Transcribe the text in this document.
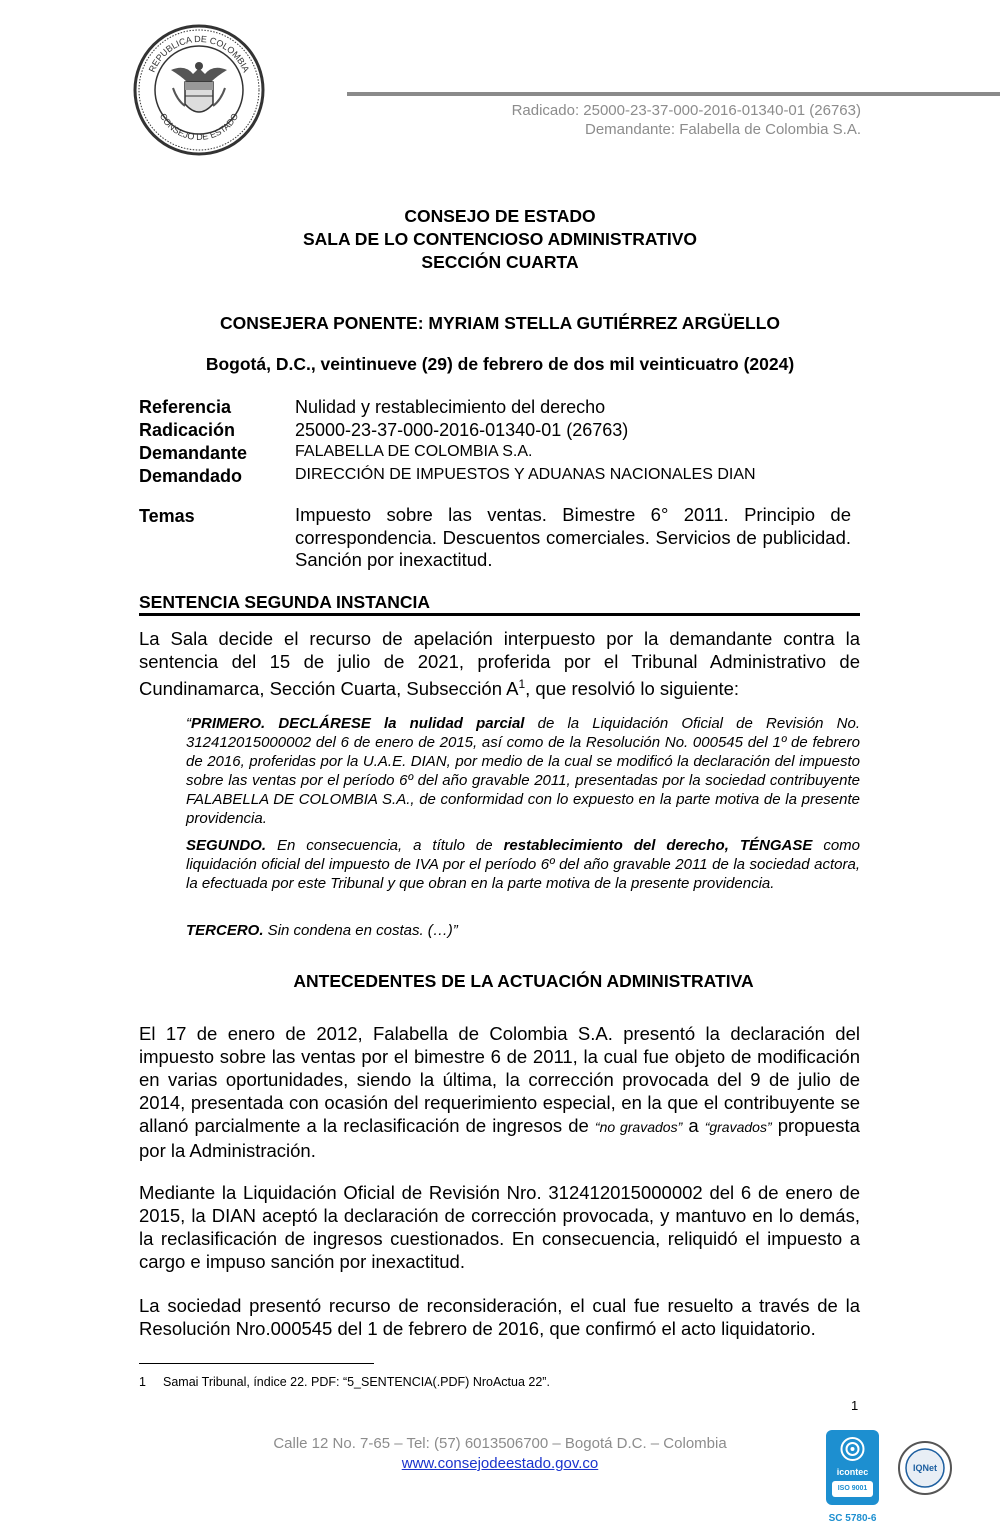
REPUBLICA DE COLOMBIA
CONSEJO DE ESTADO	Radicado: 25000-23-37-000-2016-01340-01 (26763)
Demandante: Falabella de Colombia S.A.
CONSEJO DE ESTADO
SALA DE LO CONTENCIOSO ADMINISTRATIVO
SECCIÓN CUARTA
CONSEJERA PONENTE: MYRIAM STELLA GUTIÉRREZ ARGÜELLO
Bogotá, D.C., veintinueve (29) de febrero de dos mil veinticuatro (2024)
Referencia	Nulidad y restablecimiento del derecho
Radicación	25000-23-37-000-2016-01340-01 (26763)
Demandante	FALABELLA DE COLOMBIA S.A.
Demandado	DIRECCIÓN DE IMPUESTOS Y ADUANAS NACIONALES DIAN
Temas	Impuesto sobre las ventas. Bimestre 6° 2011. Principio de correspondencia. Descuentos comerciales. Servicios de publicidad. Sanción por inexactitud.
SENTENCIA SEGUNDA INSTANCIA
La Sala decide el recurso de apelación interpuesto por la demandante contra la sentencia del 15 de julio de 2021, proferida por el Tribunal Administrativo de Cundinamarca, Sección Cuarta, Subsección $A^1$, que resolvió lo siguiente:
“PRIMERO. DECLÁRESE la nulidad parcial de la Liquidación Oficial de Revisión No. 312412015000002 del 6 de enero de 2015, así como de la Resolución No. 000545 del 1º de febrero de 2016, proferidas por la U.A.E. DIAN, por medio de la cual se modificó la declaración del impuesto sobre las ventas por el período 6º del año gravable 2011, presentadas por la sociedad contribuyente FALABELLA DE COLOMBIA S.A., de conformidad con lo expuesto en la parte motiva de la presente providencia.
SEGUNDO. En consecuencia, a título de restablecimiento del derecho, TÉNGASE como liquidación oficial del impuesto de IVA por el período 6º del año gravable 2011 de la sociedad actora, la efectuada por este Tribunal y que obran en la parte motiva de la presente providencia.
TERCERO. Sin condena en costas. (…)”
ANTECEDENTES DE LA ACTUACIÓN ADMINISTRATIVA
El 17 de enero de 2012, Falabella de Colombia S.A. presentó la declaración del impuesto sobre las ventas por el bimestre 6 de 2011, la cual fue objeto de modificación en varias oportunidades, siendo la última, la corrección provocada del 9 de julio de 2014, presentada con ocasión del requerimiento especial, en la que el contribuyente se allanó parcialmente a la reclasificación de ingresos de “no gravados” a “gravados” propuesta por la Administración.
Mediante la Liquidación Oficial de Revisión Nro. 312412015000002 del 6 de enero de 2015, la DIAN aceptó la declaración de corrección provocada, y mantuvo en lo demás, la reclasificación de ingresos cuestionados. En consecuencia, reliquidó el impuesto a cargo e impuso sanción por inexactitud.
La sociedad presentó recurso de reconsideración, el cual fue resuelto a través de la Resolución Nro.000545 del 1 de febrero de 2016, que confirmó el acto liquidatorio.
1 Samai Tribunal, índice 22. PDF: “5_SENTENCIA(.PDF) NroActua 22”.
1
Calle 12 No. 7-65 – Tel: (57) 6013506700 – Bogotá D.C. – Colombia
www.consejodeestado.gov.co	icontec
ISO 9001
SC 5780-6
IQNet
